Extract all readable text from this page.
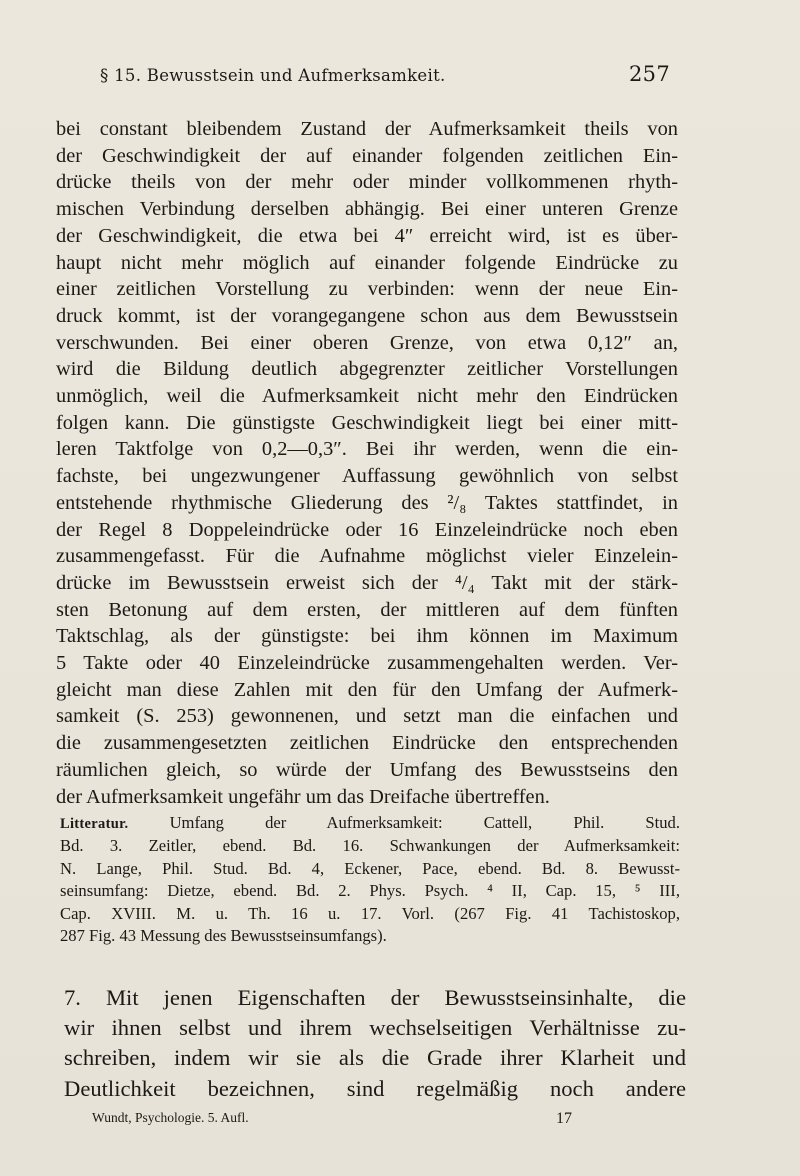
§ 15. Bewusstsein und Aufmerksamkeit.	257
bei constant bleibendem Zustand der Aufmerksamkeit theils von
der Geschwindigkeit der auf einander folgenden zeitlichen Ein-
drücke theils von der mehr oder minder vollkommenen rhyth-
mischen Verbindung derselben abhängig. Bei einer unteren Grenze
der Geschwindigkeit, die etwa bei 4″ erreicht wird, ist es über-
haupt nicht mehr möglich auf einander folgende Eindrücke zu
einer zeitlichen Vorstellung zu verbinden: wenn der neue Ein-
druck kommt, ist der vorangegangene schon aus dem Bewusstsein
verschwunden. Bei einer oberen Grenze, von etwa 0,12″ an,
wird die Bildung deutlich abgegrenzter zeitlicher Vorstellungen
unmöglich, weil die Aufmerksamkeit nicht mehr den Eindrücken
folgen kann. Die günstigste Geschwindigkeit liegt bei einer mitt-
leren Taktfolge von 0,2—0,3″. Bei ihr werden, wenn die ein-
fachste, bei ungezwungener Auffassung gewöhnlich von selbst
entstehende rhythmische Gliederung des ²/₈ Taktes stattfindet, in
der Regel 8 Doppeleindrücke oder 16 Einzeleindrücke noch eben
zusammengefasst. Für die Aufnahme möglichst vieler Einzelein-
drücke im Bewusstsein erweist sich der ⁴/₄ Takt mit der stärk-
sten Betonung auf dem ersten, der mittleren auf dem fünften
Taktschlag, als der günstigste: bei ihm können im Maximum
5 Takte oder 40 Einzeleindrücke zusammengehalten werden. Ver-
gleicht man diese Zahlen mit den für den Umfang der Aufmerk-
samkeit (S. 253) gewonnenen, und setzt man die einfachen und
die zusammengesetzten zeitlichen Eindrücke den entsprechenden
räumlichen gleich, so würde der Umfang des Bewusstseins den
der Aufmerksamkeit ungefähr um das Dreifache übertreffen.
Litteratur. Umfang der Aufmerksamkeit: Cattell, Phil. Stud.
Bd. 3. Zeitler, ebend. Bd. 16. Schwankungen der Aufmerksamkeit:
N. Lange, Phil. Stud. Bd. 4, Eckener, Pace, ebend. Bd. 8. Bewusst-
seinsumfang: Dietze, ebend. Bd. 2. Phys. Psych. ⁴ II, Cap. 15, ⁵ III,
Cap. XVIII. M. u. Th. 16 u. 17. Vorl. (267 Fig. 41 Tachistoskop,
287 Fig. 43 Messung des Bewusstseinsumfangs).
7. Mit jenen Eigenschaften der Bewusstseinsinhalte, die
wir ihnen selbst und ihrem wechselseitigen Verhältnisse zu-
schreiben, indem wir sie als die Grade ihrer Klarheit und
Deutlichkeit bezeichnen, sind regelmäßig noch andere
Wundt, Psychologie. 5. Aufl.	17
